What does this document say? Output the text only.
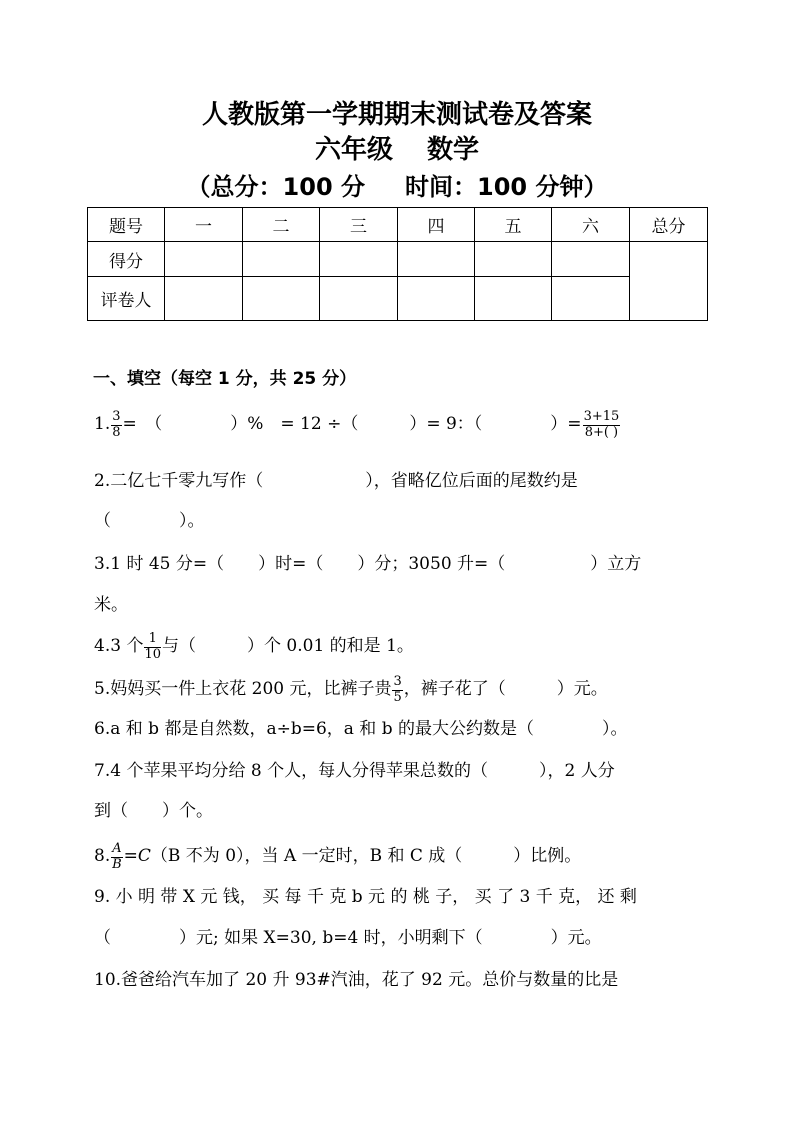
人教版第一学期期末测试卷及答案
六年级 数学
（总分：100 分 时间：100 分钟）
题号	一	二	三	四	五	六	总分
得分							
评卷人							
一、填空（每空 1 分，共 25 分）
1. $\frac{3}{8}$ =　（　　　　）%　= 12 ÷（　　　）= 9：（　　　　）= $\frac{3+15}{8+( )}$
2.二亿七千零九写作（　　　　　　），省略亿位后面的尾数约是
（　　　　）。
3.1 时 45 分=（　　）时=（　　）分；3050 升=（　　　　　）立方
米。
4.3 个 $\frac{1}{10}$ 与（　　　）个 0.01 的和是 1。
5.妈妈买一件上衣花 200 元，比裤子贵 $\frac{3}{5}$ ，裤子花了（　　　）元。
6.a 和 b 都是自然数，a÷b=6，a 和 b 的最大公约数是（　　　　）。
7.4 个苹果平均分给 8 个人，每人分得苹果总数的（　　　），2 人分
到（　　）个。
8. $\frac{A}{B} =C(B$ 不为 0），当 A 一定时，B 和 C 成（　　　）比例。
9. 小 明 带 X 元 钱， 买 每 千 克 b 元 的 桃 子， 买 了 3 千 克， 还 剩
（　　　　）元; 如果 X=30, b=4 时，小明剩下（　　　　）元。
10.爸爸给汽车加了 20 升 93#汽油，花了 92 元。总价与数量的比是
